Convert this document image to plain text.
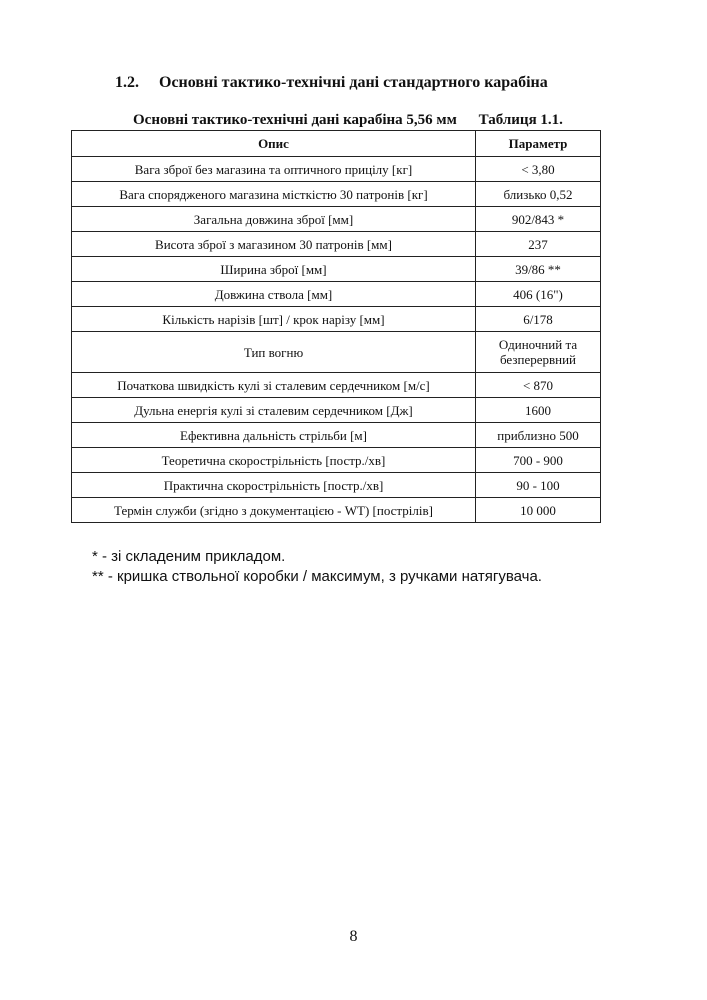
1.2. Основні тактико-технічні дані стандартного карабіна
Основні тактико-технічні дані карабіна 5,56 мм Таблиця 1.1.
Опис	Параметр
Вага зброї без магазина та оптичного прицілу [кг]	< 3,80
Вага спорядженого магазина місткістю 30 патронів [кг]	близько 0,52
Загальна довжина зброї [мм]	902/843 *
Висота зброї з магазином 30 патронів [мм]	237
Ширина зброї [мм]	39/86 **
Довжина ствола [мм]	406 (16")
Кількість нарізів [шт] / крок нарізу [мм]	6/178
Тип вогню	Одиночний та безперервний
Початкова швидкість кулі зі сталевим сердечником [м/с]	< 870
Дульна енергія кулі зі сталевим сердечником [Дж]	1600
Ефективна дальність стрільби [м]	приблизно 500
Теоретична скорострільність [постр./хв]	700 - 900
Практична скорострільність [постр./хв]	90 - 100
Термін служби (згідно з документацією - WT) [пострілів]	10 000
* - зі складеним прикладом.
** - кришка ствольної коробки / максимум, з ручками натягувача.
8
